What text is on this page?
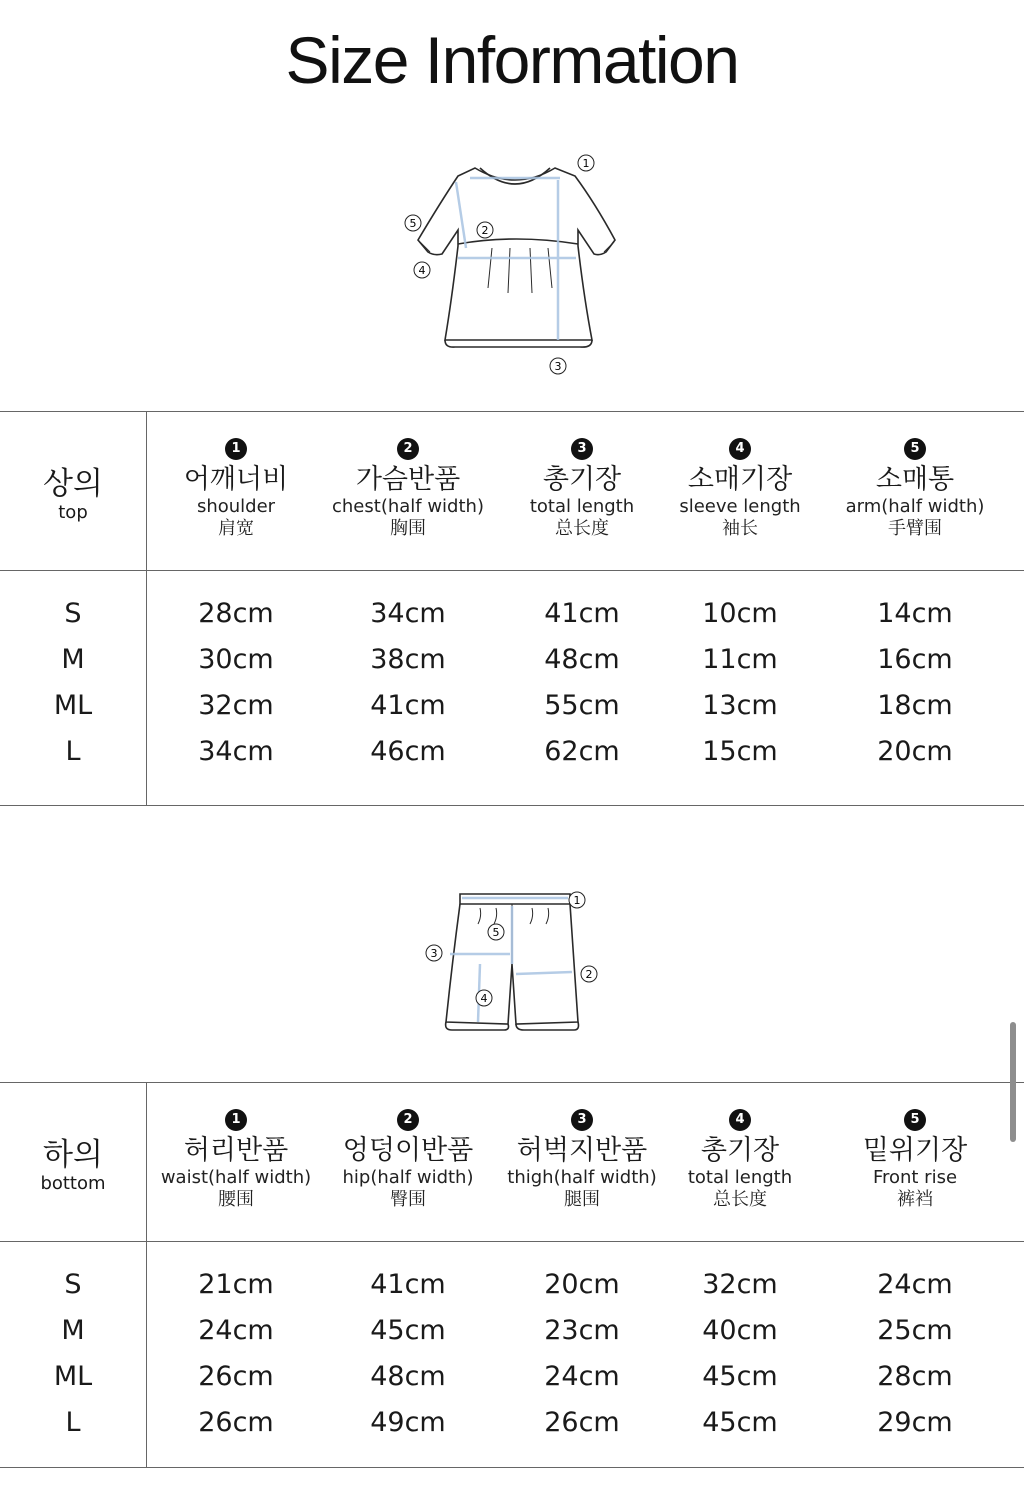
Size Information
1
2
3
4
5
상의
top
1
어깨너비
shoulder
肩宽
2
가슴반품
chest(half width)
胸围
3
총기장
total length
总长度
4
소매기장
sleeve length
袖长
5
소매통
arm(half width)
手臂围
S
M
ML
L
28cm	34cm	41cm	10cm	14cm
30cm	38cm	48cm	11cm	16cm
32cm	41cm	55cm	13cm	18cm
34cm	46cm	62cm	15cm	20cm
1
2
3
4
5
하의
bottom
1
허리반품
waist(half width)
腰围
2
엉덩이반품
hip(half width)
臀围
3
허벅지반품
thigh(half width)
腿围
4
총기장
total length
总长度
5
밑위기장
Front rise
裤裆
S
M
ML
L
21cm	41cm	20cm	32cm	24cm
24cm	45cm	23cm	40cm	25cm
26cm	48cm	24cm	45cm	28cm
26cm	49cm	26cm	45cm	29cm
